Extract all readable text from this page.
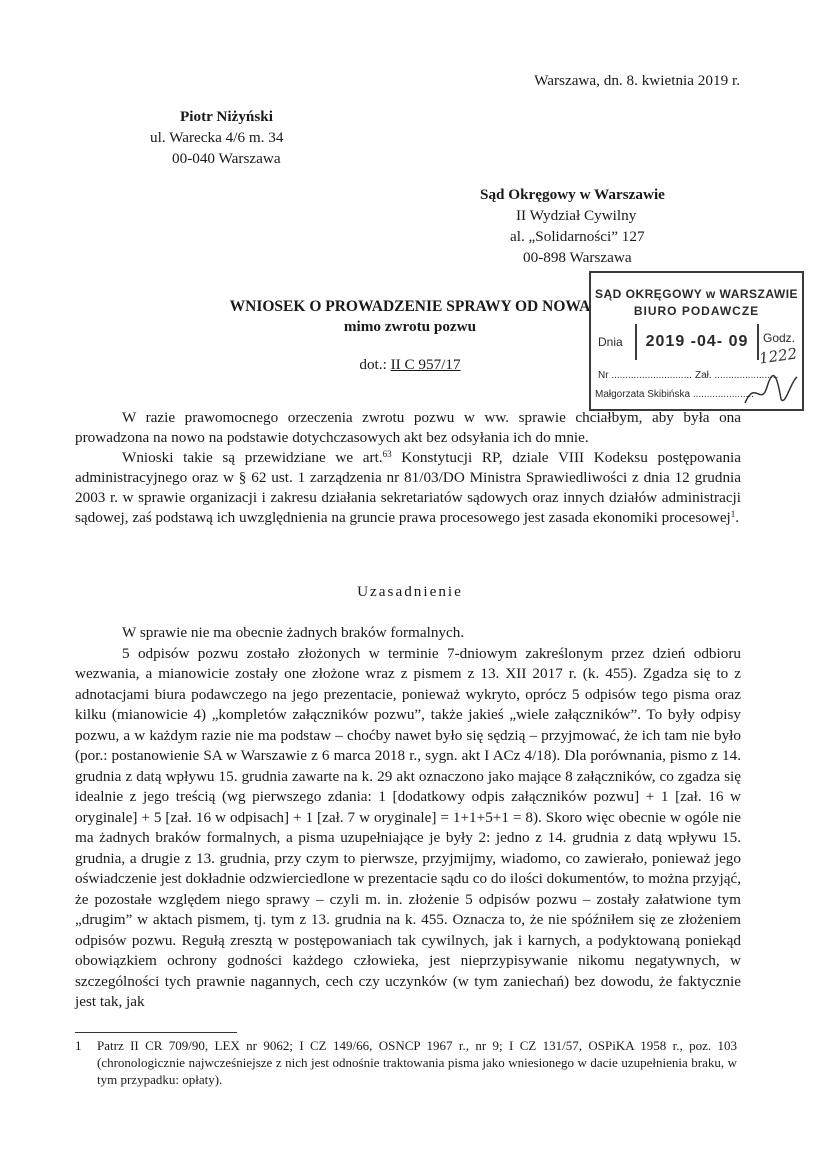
Warszawa, dn. 8. kwietnia 2019 r.
Piotr Niżyński
ul. Warecka 4/6 m. 34
00-040 Warszawa
Sąd Okręgowy w Warszawie
II Wydział Cywilny
al. „Solidarności” 127
00-898 Warszawa
WNIOSEK O PROWADZENIE SPRAWY OD NOWA
mimo zwrotu pozwu
dot.: II C 957/17
SĄD OKRĘGOWY w WARSZAWIE
BIURO PODAWCZE
Dnia	2019 -04- 09	Godz.
1222
Nr ............................. Zał. .......................
Małgorzata Skibińska ......................

W razie prawomocnego orzeczenia zwrotu pozwu w ww. sprawie chciałbym, aby była ona prowadzona na nowo na podstawie dotychczasowych akt bez odsyłania ich do mnie.

Wnioski takie są przewidziane we art.$^{63}$ Konstytucji RP, dziale VIII Kodeksu postępowania administracyjnego oraz w § 62 ust. 1 zarządzenia nr 81/03/DO Ministra Sprawiedliwości z dnia 12 grudnia 2003 r. w sprawie organizacji i zakresu działania sekretariatów sądowych oraz innych działów administracji sądowej, zaś podstawą ich uwzględnienia na gruncie prawa procesowego jest zasada ekonomiki procesowej$^1$.

Uzasadnienie

W sprawie nie ma obecnie żadnych braków formalnych.

5 odpisów pozwu zostało złożonych w terminie 7-dniowym zakreślonym przez dzień odbioru wezwania, a mianowicie zostały one złożone wraz z pismem z 13. XII 2017 r. (k. 455). Zgadza się to z adnotacjami biura podawczego na jego prezentacie, ponieważ wykryto, oprócz 5 odpisów tego pisma oraz kilku (mianowicie 4) „kompletów załączników pozwu”, także jakieś „wiele załączników”. To były odpisy pozwu, a w każdym razie nie ma podstaw – choćby nawet było się sędzią – przyjmować, że ich tam nie było (por.: postanowienie SA w Warszawie z 6 marca 2018 r., sygn. akt I ACz 4/18). Dla porównania, pismo z 14. grudnia z datą wpływu 15. grudnia zawarte na k. 29 akt oznaczono jako mające 8 załączników, co zgadza się idealnie z jego treścią (wg pierwszego zdania: 1 [dodatkowy odpis załączników pozwu] + 1 [zał. 16 w oryginale] + 5 [zał. 16 w odpisach] + 1 [zał. 7 w oryginale] = 1+1+5+1 = 8). Skoro więc obecnie w ogóle nie ma żadnych braków formalnych, a pisma uzupełniające je były 2: jedno z 14. grudnia z datą wpływu 15. grudnia, a drugie z 13. grudnia, przy czym to pierwsze, przyjmijmy, wiadomo, co zawierało, ponieważ jego oświadczenie jest dokładnie odzwierciedlone w prezentacie sądu co do ilości dokumentów, to można przyjąć, że pozostałe względem niego sprawy – czyli m. in. złożenie 5 odpisów pozwu – zostały załatwione tym „drugim” w aktach pismem, tj. tym z 13. grudnia na k. 455. Oznacza to, że nie spóźniłem się ze złożeniem odpisów pozwu. Regułą zresztą w postępowaniach tak cywilnych, jak i karnych, a podyktowaną poniekąd obowiązkiem ochrony godności każdego człowieka, jest nieprzypisywanie nikomu negatywnych, w szczególności tych prawnie nagannych, cech czy uczynków (w tym zaniechań) bez dowodu, że faktycznie jest tak, jak

1 Patrz II CR 709/90, LEX nr 9062; I CZ 149/66, OSNCP 1967 r., nr 9; I CZ 131/57, OSPiKA 1958 r., poz. 103 (chronologicznie najwcześniejsze z nich jest odnośnie traktowania pisma jako wniesionego w dacie uzupełnienia braku, w tym przypadku: opłaty).
